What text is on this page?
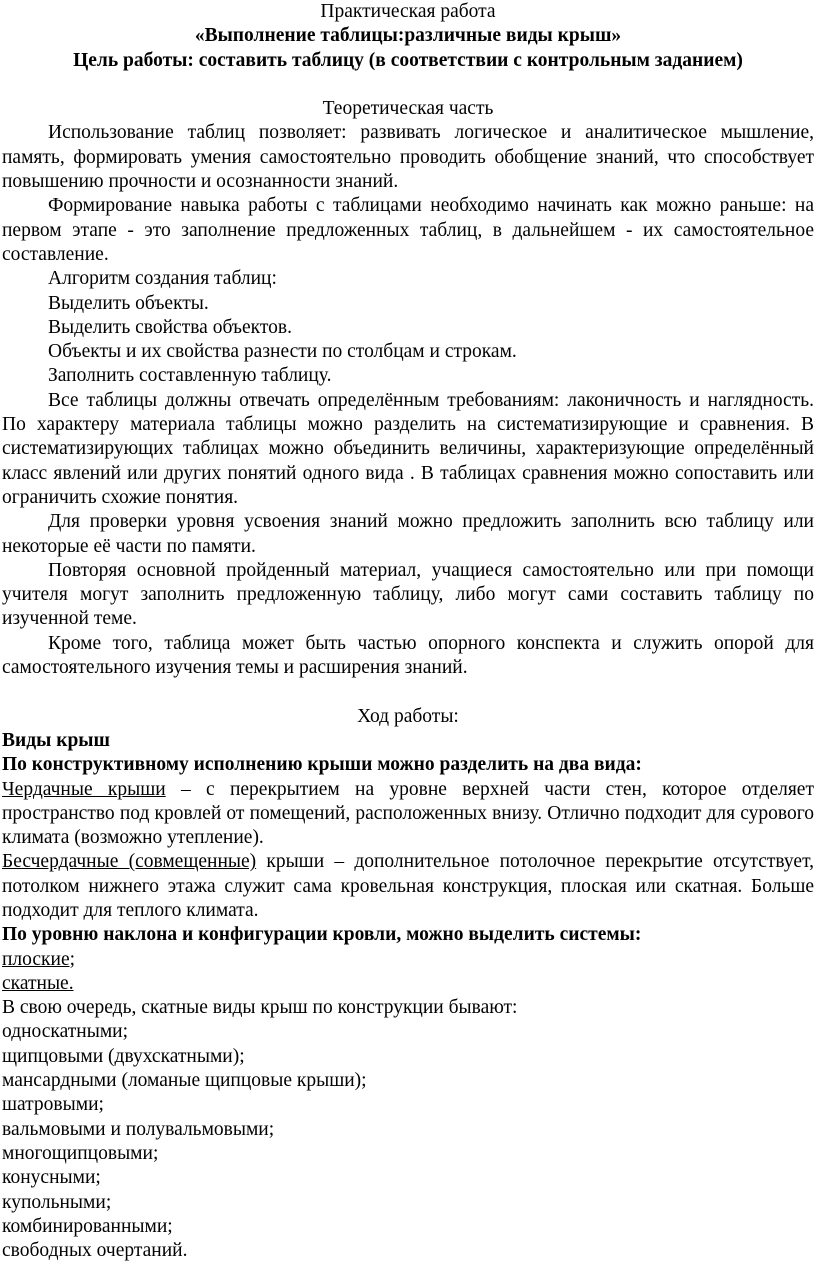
Практическая работа
«Выполнение таблицы:различные виды крыш»
Цель работы: составить таблицу (в соответствии с контрольным заданием)
Теоретическая часть

Использование таблиц позволяет: развивать логическое и аналитическое мышление, память, формировать умения самостоятельно проводить обобщение знаний, что способствует повышению прочности и осознанности знаний.

Формирование навыка работы с таблицами необходимо начинать как можно раньше: на первом этапе - это заполнение предложенных таблиц, в дальнейшем - их самостоятельное составление.

Алгоритм создания таблиц:
Выделить объекты.
Выделить свойства объектов.
Объекты и их свойства разнести по столбцам и строкам.
Заполнить составленную таблицу.

Все таблицы должны отвечать определённым требованиям: лаконичность и наглядность. По характеру материала таблицы можно разделить на систематизирующие и сравнения. В систематизирующих таблицах можно объединить величины, характеризующие определённый класс явлений или других понятий одного вида . В таблицах сравнения можно сопоставить или ограничить схожие понятия.

Для проверки уровня усвоения знаний можно предложить заполнить всю таблицу или некоторые её части по памяти.

Повторяя основной пройденный материал, учащиеся самостоятельно или при помощи учителя могут заполнить предложенную таблицу, либо могут сами составить таблицу по изученной теме.

Кроме того, таблица может быть частью опорного конспекта и служить опорой для самостоятельного изучения темы и расширения знаний.

Ход работы:
Виды крыш
По конструктивному исполнению крыши можно разделить на два вида:

Чердачные крыши – с перекрытием на уровне верхней части стен, которое отделяет пространство под кровлей от помещений, расположенных внизу. Отлично подходит для сурового климата (возможно утепление).

Бесчердачные (совмещенные) крыши – дополнительное потолочное перекрытие отсутствует, потолком нижнего этажа служит сама кровельная конструкция, плоская или скатная. Больше подходит для теплого климата.

По уровню наклона и конфигурации кровли, можно выделить системы:
плоские;
скатные.
В свою очередь, скатные виды крыш по конструкции бывают:
односкатными;
щипцовыми (двухскатными);
мансардными (ломаные щипцовые крыши);
шатровыми;
вальмовыми и полувальмовыми;
многощипцовыми;
конусными;
купольными;
комбинированными;
свободных очертаний.
